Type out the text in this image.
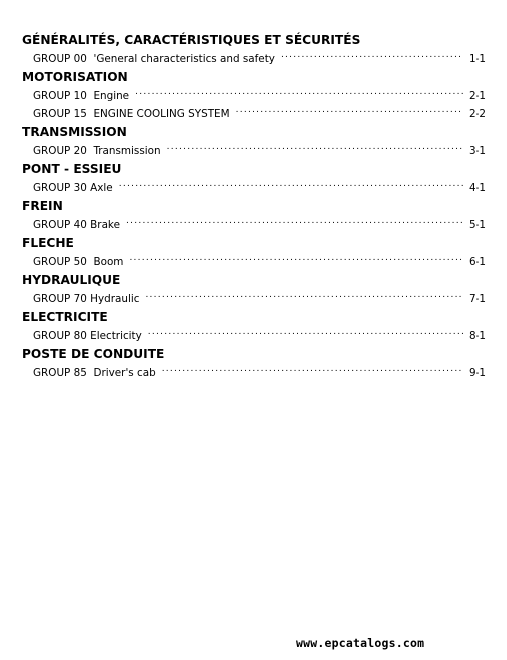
GÉNÉRALITÉS, CARACTÉRISTIQUES ET SÉCURITÉS

GROUP 00 'General characteristics and safety . . .	1-1

MOTORISATION

GROUP 10 Engine . . .	2-1
GROUP 15 ENGINE COOLING SYSTEM . . .	2-2

TRANSMISSION

GROUP 20 Transmission . . .	3-1

PONT - ESSIEU

GROUP 30 Axle . . .	4-1

FREIN

GROUP 40 Brake . . .	5-1

FLECHE

GROUP 50 Boom . . .	6-1

HYDRAULIQUE

GROUP 70 Hydraulic . . .	7-1

ELECTRICITE

GROUP 80 Electricity . . .	8-1

POSTE DE CONDUITE

GROUP 85 Driver's cab . . .	9-1
www.epcatalogs.com
